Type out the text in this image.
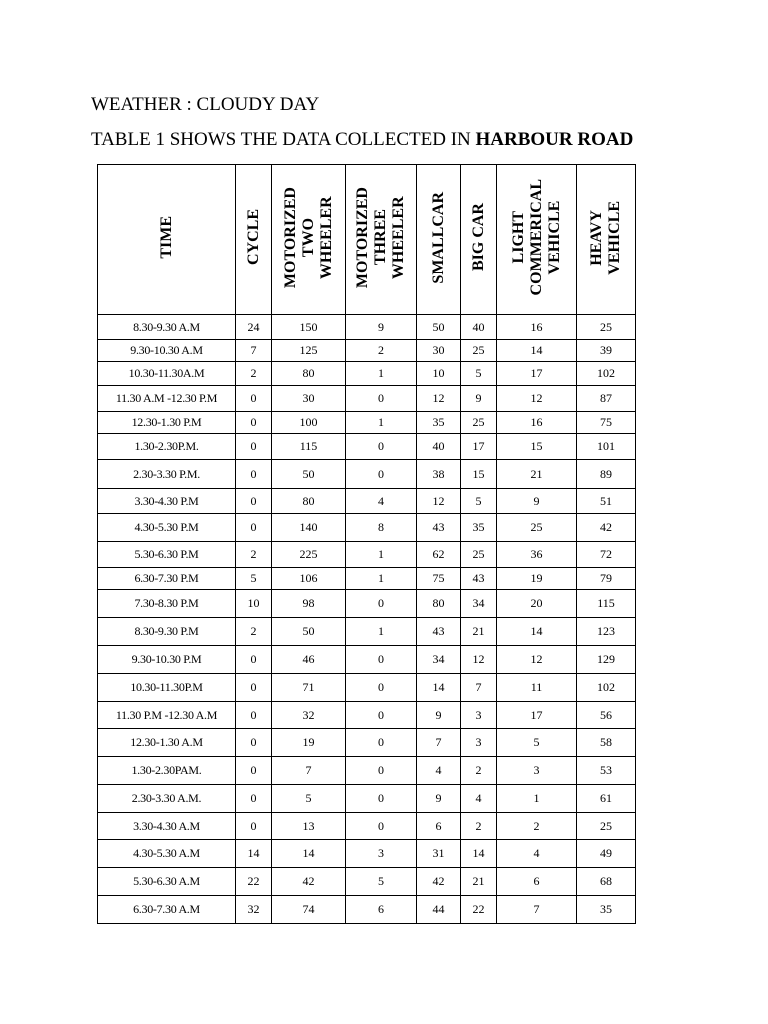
WEATHER : CLOUDY DAY
TABLE 1 SHOWS THE DATA COLLECTED IN HARBOUR ROAD
TIME	CYCLE	MOTORIZED TWO WHEELER	MOTORIZED THREE WHEELER	SMALLCAR	BIG CAR	LIGHT COMMERICAL VEHICLE	HEAVY VEHICLE

8.30-9.30 A.M	24	150	9	50	40	16	25
9.30-10.30 A.M	7	125	2	30	25	14	39
10.30-11.30A.M	2	80	1	10	5	17	102
11.30 A.M -12.30 P.M	0	30	0	12	9	12	87
12.30-1.30 P.M	0	100	1	35	25	16	75
1.30-2.30P.M.	0	115	0	40	17	15	101
2.30-3.30 P.M.	0	50	0	38	15	21	89
3.30-4.30 P.M	0	80	4	12	5	9	51
4.30-5.30 P.M	0	140	8	43	35	25	42
5.30-6.30 P.M	2	225	1	62	25	36	72
6.30-7.30 P.M	5	106	1	75	43	19	79
7.30-8.30 P.M	10	98	0	80	34	20	115
8.30-9.30 P.M	2	50	1	43	21	14	123
9.30-10.30 P.M	0	46	0	34	12	12	129
10.30-11.30P.M	0	71	0	14	7	11	102
11.30 P.M -12.30 A.M	0	32	0	9	3	17	56
12.30-1.30 A.M	0	19	0	7	3	5	58
1.30-2.30PAM.	0	7	0	4	2	3	53
2.30-3.30 A.M.	0	5	0	9	4	1	61
3.30-4.30 A.M	0	13	0	6	2	2	25
4.30-5.30 A.M	14	14	3	31	14	4	49
5.30-6.30 A.M	22	42	5	42	21	6	68
6.30-7.30 A.M	32	74	6	44	22	7	35
